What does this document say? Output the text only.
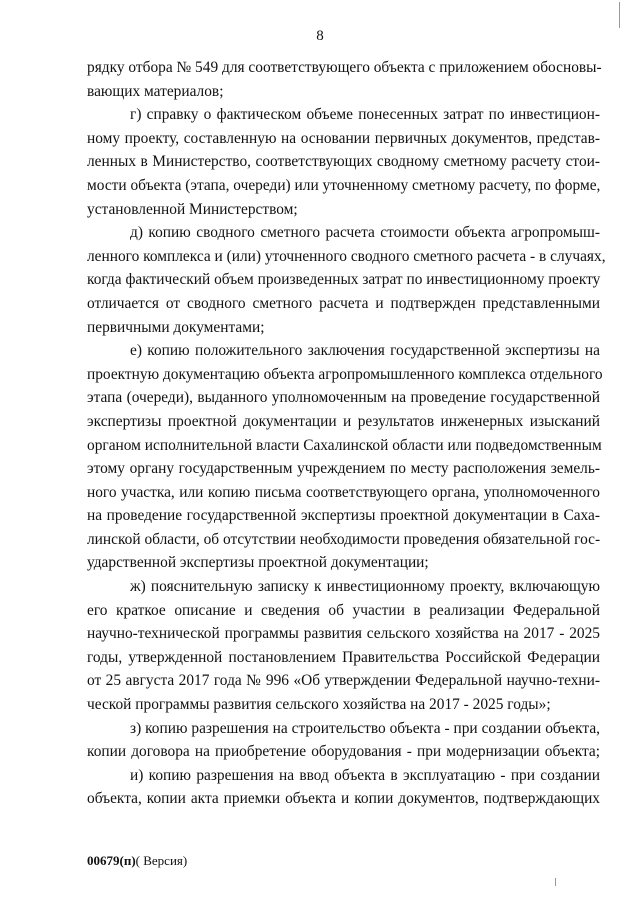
8
рядку отбора № 549 для соответствующего объекта с приложением обосновы-
вающих материалов;
г) справку о фактическом объеме понесенных затрат по инвестицион-
ному проекту, составленную на основании первичных документов, представ-
ленных в Министерство, соответствующих сводному сметному расчету стои-
мости объекта (этапа, очереди) или уточненному сметному расчету, по форме,
установленной Министерством;
д) копию сводного сметного расчета стоимости объекта агропромыш-
ленного комплекса и (или) уточненного сводного сметного расчета - в случаях,
когда фактический объем произведенных затрат по инвестиционному проекту
отличается от сводного сметного расчета и подтвержден представленными
первичными документами;
е) копию положительного заключения государственной экспертизы на
проектную документацию объекта агропромышленного комплекса отдельного
этапа (очереди), выданного уполномоченным на проведение государственной
экспертизы проектной документации и результатов инженерных изысканий
органом исполнительной власти Сахалинской области или подведомственным
этому органу государственным учреждением по месту расположения земель-
ного участка, или копию письма соответствующего органа, уполномоченного
на проведение государственной экспертизы проектной документации в Саха-
линской области, об отсутствии необходимости проведения обязательной гос-
ударственной экспертизы проектной документации;
ж) пояснительную записку к инвестиционному проекту, включающую
его краткое описание и сведения об участии в реализации Федеральной
научно-технической программы развития сельского хозяйства на 2017 - 2025
годы, утвержденной постановлением Правительства Российской Федерации
от 25 августа 2017 года № 996 «Об утверждении Федеральной научно-техни-
ческой программы развития сельского хозяйства на 2017 - 2025 годы»;
з) копию разрешения на строительство объекта - при создании объекта,
копии договора на приобретение оборудования - при модернизации объекта;
и) копию разрешения на ввод объекта в эксплуатацию - при создании
объекта, копии акта приемки объекта и копии документов, подтверждающих
00679(п)( Версия)
